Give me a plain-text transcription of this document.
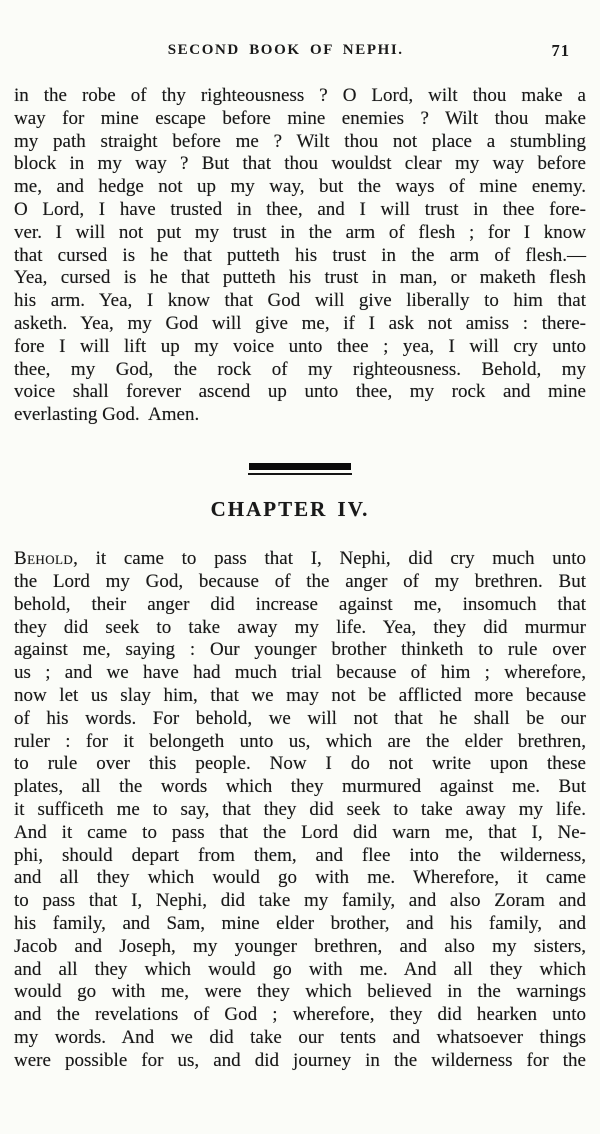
SECOND BOOK OF NEPHI.	71
in the robe of thy righteousness ? O Lord, wilt thou make a
way for mine escape before mine enemies ? Wilt thou make
my path straight before me ? Wilt thou not place a stumbling
block in my way ? But that thou wouldst clear my way before
me, and hedge not up my way, but the ways of mine enemy.
O Lord, I have trusted in thee, and I will trust in thee fore-
ver. I will not put my trust in the arm of flesh ; for I know
that cursed is he that putteth his trust in the arm of flesh.—
Yea, cursed is he that putteth his trust in man, or maketh flesh
his arm. Yea, I know that God will give liberally to him that
asketh. Yea, my God will give me, if I ask not amiss : there-
fore I will lift up my voice unto thee ; yea, I will cry unto
thee, my God, the rock of my righteousness. Behold, my
voice shall forever ascend up unto thee, my rock and mine
everlasting God.  Amen.
CHAPTER IV.
Behold, it came to pass that I, Nephi, did cry much unto
the Lord my God, because of the anger of my brethren. But
behold, their anger did increase against me, insomuch that
they did seek to take away my life. Yea, they did murmur
against me, saying : Our younger brother thinketh to rule over
us ; and we have had much trial because of him ; wherefore,
now let us slay him, that we may not be afflicted more because
of his words. For behold, we will not that he shall be our
ruler : for it belongeth unto us, which are the elder brethren,
to rule over this people. Now I do not write upon these
plates, all the words which they murmured against me. But
it sufficeth me to say, that they did seek to take away my life.
And it came to pass that the Lord did warn me, that I, Ne-
phi, should depart from them, and flee into the wilderness,
and all they which would go with me. Wherefore, it came
to pass that I, Nephi, did take my family, and also Zoram and
his family, and Sam, mine elder brother, and his family, and
Jacob and Joseph, my younger brethren, and also my sisters,
and all they which would go with me. And all they which
would go with me, were they which believed in the warnings
and the revelations of God ; wherefore, they did hearken unto
my words. And we did take our tents and whatsoever things
were possible for us, and did journey in the wilderness for the
